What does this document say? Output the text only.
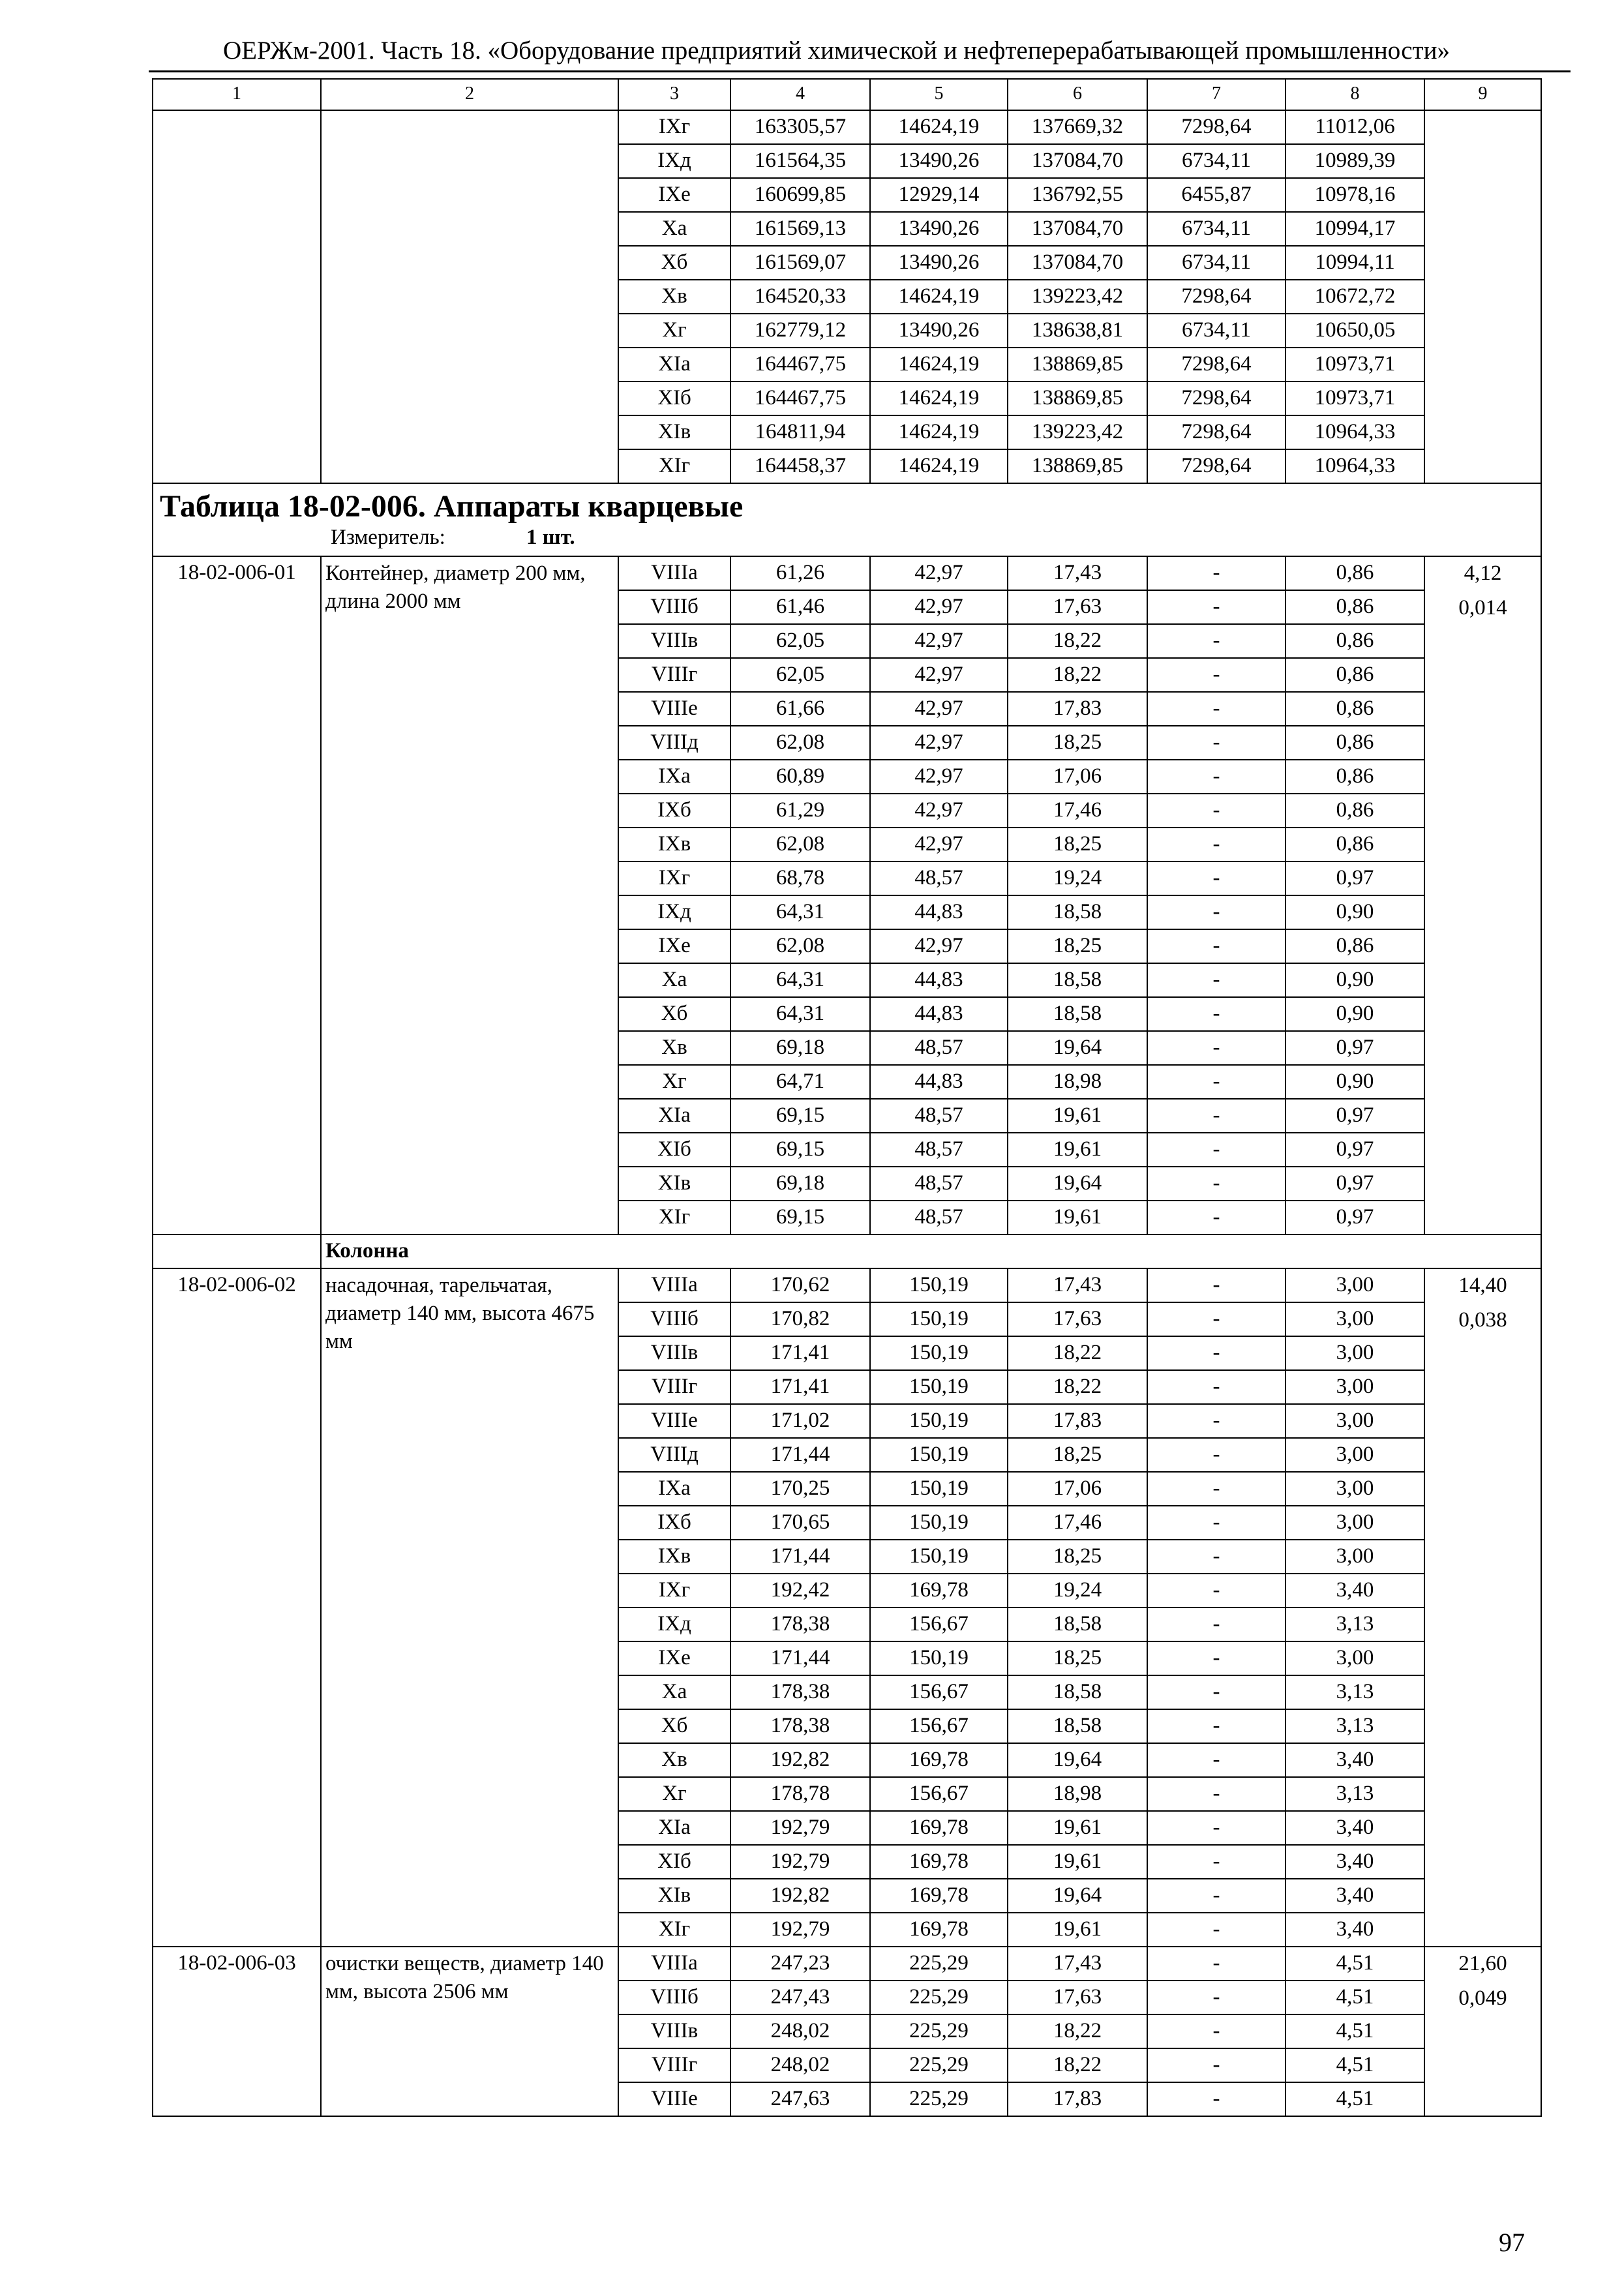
ОЕРЖм-2001. Часть 18. «Оборудование предприятий химической и нефтеперерабатывающей промышленности»
1	2	3	4	5	6	7	8	9
		IXг	163305,57	14624,19	137669,32	7298,64	11012,06	
		IXд	161564,35	13490,26	137084,70	6734,11	10989,39	
		IXе	160699,85	12929,14	136792,55	6455,87	10978,16	
		Xа	161569,13	13490,26	137084,70	6734,11	10994,17	
		Xб	161569,07	13490,26	137084,70	6734,11	10994,11	
		Xв	164520,33	14624,19	139223,42	7298,64	10672,72	
		Xг	162779,12	13490,26	138638,81	6734,11	10650,05	
		XIа	164467,75	14624,19	138869,85	7298,64	10973,71	
		XIб	164467,75	14624,19	138869,85	7298,64	10973,71	
		XIв	164811,94	14624,19	139223,42	7298,64	10964,33	
		XIг	164458,37	14624,19	138869,85	7298,64	10964,33	

Таблица 18-02-006. Аппараты кварцевые
Измеритель: 1 шт.								

18-02-006-01	Контейнер, диаметр 200 мм, длина 2000 мм	VIIIа	61,26	42,97	17,43	-	0,86	4,12
0,014

		VIIIб	61,46	42,97	17,63	-	0,86	
		VIIIв	62,05	42,97	18,22	-	0,86	
		VIIIг	62,05	42,97	18,22	-	0,86	
		VIIIе	61,66	42,97	17,83	-	0,86	
		VIIIд	62,08	42,97	18,25	-	0,86	
		IXа	60,89	42,97	17,06	-	0,86	
		IXб	61,29	42,97	17,46	-	0,86	
		IXв	62,08	42,97	18,25	-	0,86	
		IXг	68,78	48,57	19,24	-	0,97	
		IXд	64,31	44,83	18,58	-	0,90	
		IXе	62,08	42,97	18,25	-	0,86	
		Xа	64,31	44,83	18,58	-	0,90	
		Xб	64,31	44,83	18,58	-	0,90	
		Xв	69,18	48,57	19,64	-	0,97	
		Xг	64,71	44,83	18,98	-	0,90	
		XIа	69,15	48,57	19,61	-	0,97	
		XIб	69,15	48,57	19,61	-	0,97	
		XIв	69,18	48,57	19,64	-	0,97	
		XIг	69,15	48,57	19,61	-	0,97	
	Колонна							
18-02-006-02	насадочная, тарельчатая, диаметр 140 мм, высота 4675 мм	VIIIа	170,62	150,19	17,43	-	3,00	14,40
0,038

		VIIIб	170,82	150,19	17,63	-	3,00	
		VIIIв	171,41	150,19	18,22	-	3,00	
		VIIIг	171,41	150,19	18,22	-	3,00	
		VIIIе	171,02	150,19	17,83	-	3,00	
		VIIIд	171,44	150,19	18,25	-	3,00	
		IXа	170,25	150,19	17,06	-	3,00	
		IXб	170,65	150,19	17,46	-	3,00	
		IXв	171,44	150,19	18,25	-	3,00	
		IXг	192,42	169,78	19,24	-	3,40	
		IXд	178,38	156,67	18,58	-	3,13	
		IXе	171,44	150,19	18,25	-	3,00	
		Xа	178,38	156,67	18,58	-	3,13	
		Xб	178,38	156,67	18,58	-	3,13	
		Xв	192,82	169,78	19,64	-	3,40	
		Xг	178,78	156,67	18,98	-	3,13	
		XIа	192,79	169,78	19,61	-	3,40	
		XIб	192,79	169,78	19,61	-	3,40	
		XIв	192,82	169,78	19,64	-	3,40	
		XIг	192,79	169,78	19,61	-	3,40	
18-02-006-03	очистки веществ, диаметр 140 мм, высота 2506 мм	VIIIа	247,23	225,29	17,43	-	4,51	21,60
0,049

		VIIIб	247,43	225,29	17,63	-	4,51	
		VIIIв	248,02	225,29	18,22	-	4,51	
		VIIIг	248,02	225,29	18,22	-	4,51	
		VIIIе	247,63	225,29	17,83	-	4,51	
97
